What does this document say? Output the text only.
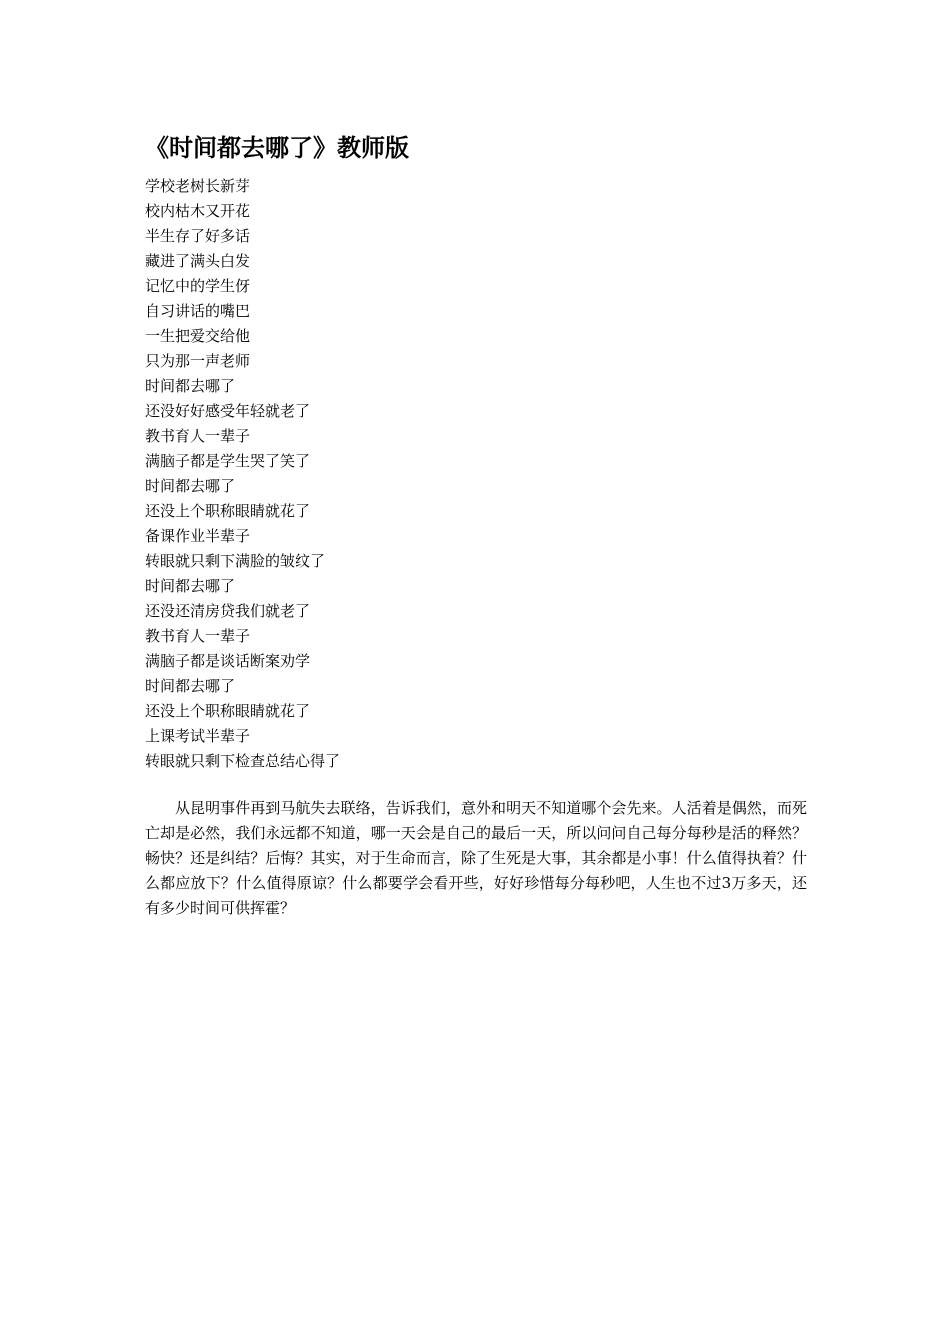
《时间都去哪了》教师版
学校老树长新芽
校内枯木又开花
半生存了好多话
藏进了满头白发
记忆中的学生伢
自习讲话的嘴巴
一生把爱交给他
只为那一声老师
时间都去哪了
还没好好感受年轻就老了
教书育人一辈子
满脑子都是学生哭了笑了
时间都去哪了
还没上个职称眼睛就花了
备课作业半辈子
转眼就只剩下满脸的皱纹了
时间都去哪了
还没还清房贷我们就老了
教书育人一辈子
满脑子都是谈话断案劝学
时间都去哪了
还没上个职称眼睛就花了
上课考试半辈子
转眼就只剩下检查总结心得了

从昆明事件再到马航失去联络，告诉我们，意外和明天不知道哪个会先来。人活着是偶然，而死亡却是必然，我们永远都不知道，哪一天会是自己的最后一天，所以问问自己每分每秒是活的释然？畅快？还是纠结？后悔？其实，对于生命而言，除了生死是大事，其余都是小事！什么值得执着？什么都应放下？什么值得原谅？什么都要学会看开些，好好珍惜每分每秒吧，人生也不过3万多天，还有多少时间可供挥霍？
